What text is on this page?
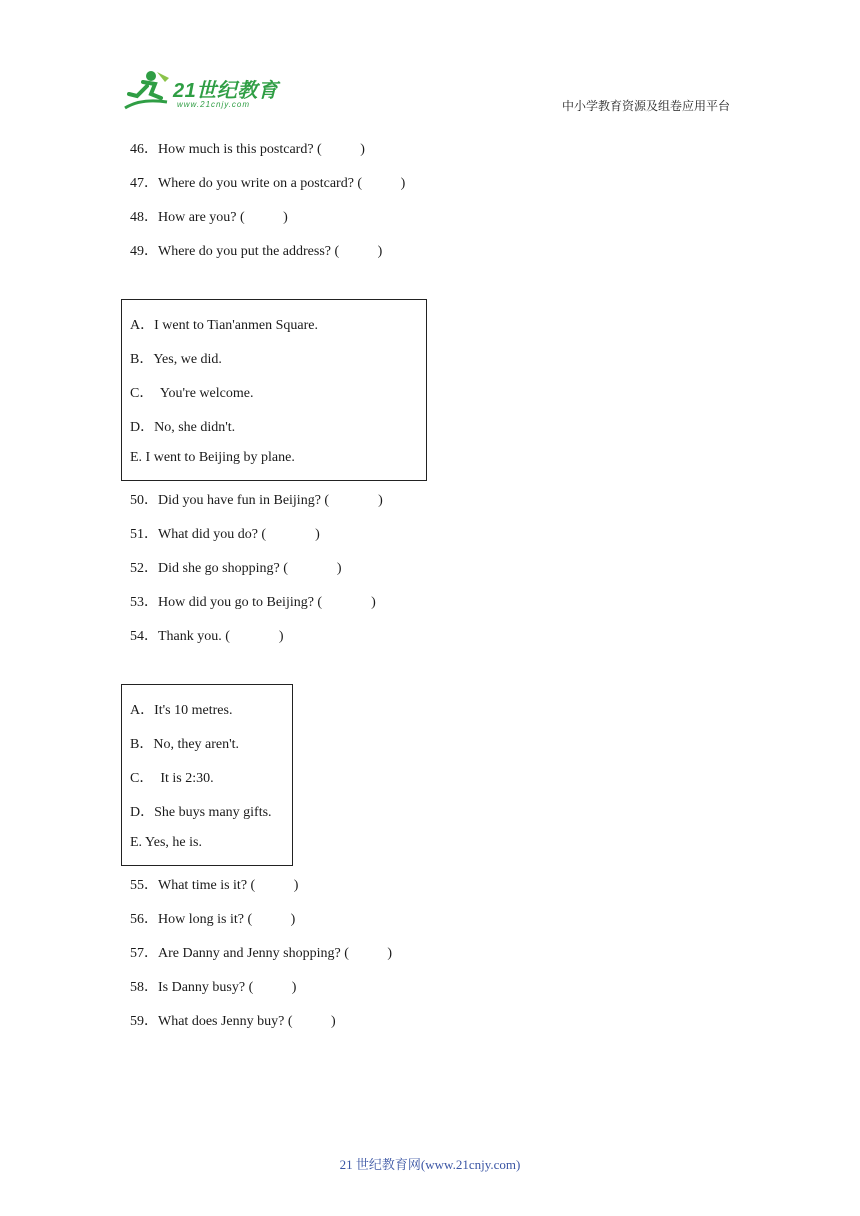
21世纪教育
www.21cnjy.com	中小学教育资源及组卷应用平台
46．How much is this postcard? (           )
47．Where do you write on a postcard? (           )
48．How are you? (           )
49．Where do you put the address? (           )
A．I went to Tian'anmen Square.
B．Yes, we did.
C．  You're welcome.
D．No, she didn't.
E. I went to Beijing by plane.
50．Did you have fun in Beijing? (              )
51．What did you do? (              )
52．Did she go shopping? (              )
53．How did you go to Beijing? (              )
54．Thank you. (              )
A．It's 10 metres.
B．No, they aren't.
C．  It is 2:30.
D．She buys many gifts.
E. Yes, he is.
55．What time is it? (           )
56．How long is it? (           )
57．Are Danny and Jenny shopping? (           )
58．Is Danny busy? (           )
59．What does Jenny buy? (           )
21 世纪教育网(www.21cnjy.com)
